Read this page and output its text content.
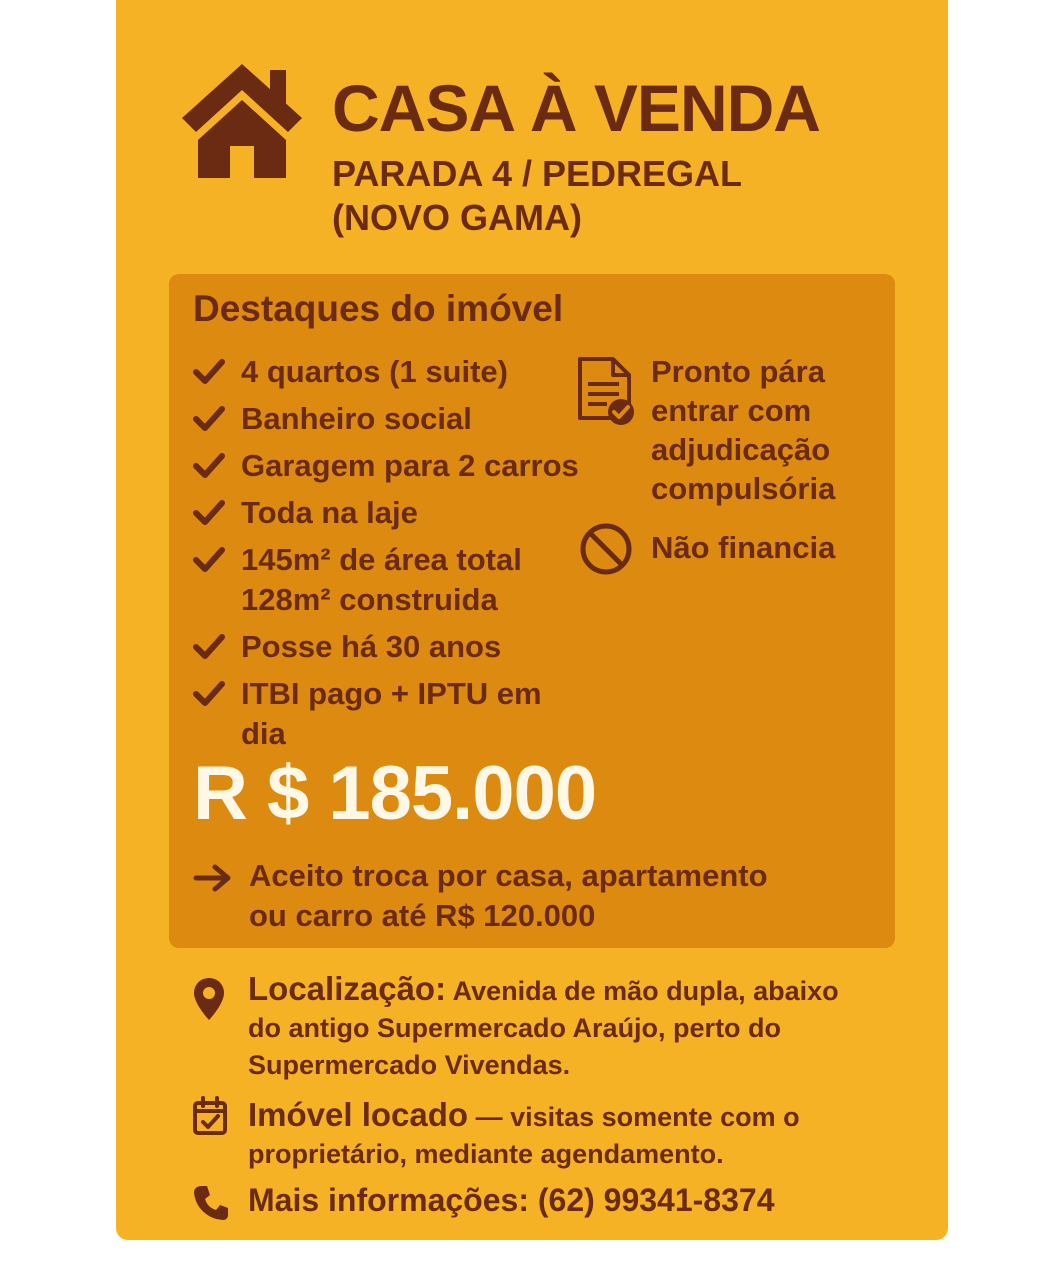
CASA À VENDA
PARADA 4 / PEDREGAL
(NOVO GAMA)
Destaques do imóvel
4 quartos (1 suite)
Banheiro social
Garagem para 2 carros
Toda na laje
145m² de área total
128m² construida
Posse há 30 anos
ITBI pago + IPTU em dia
Pronto pára
entrar com
adjudicação
compulsória
Não financia
R $ 185.000
Aceito troca por casa, apartamento
ou carro até R$ 120.000
Localização: Avenida de mão dupla, abaixo
do antigo Supermercado Araújo, perto do
Supermercado Vivendas.
Imóvel locado — visitas somente com o
proprietário, mediante agendamento.
Mais informações: (62) 99341-8374
